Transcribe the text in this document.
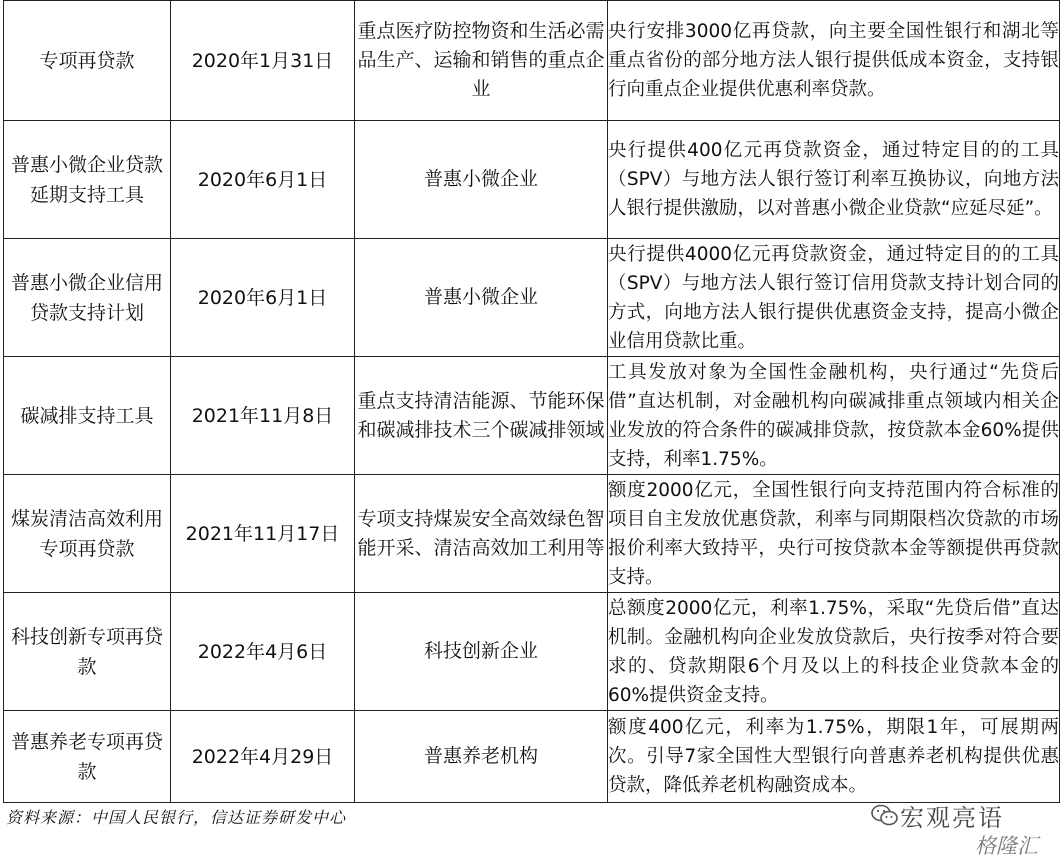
专项再贷款	2020年1月31日	重点医疗防控物资和生活必需品生产、运输和销售的重点企业	央行安排3000亿再贷款，向主要全国性银行和湖北等重点省份的部分地方法人银行提供低成本资金，支持银行向重点企业提供优惠利率贷款。
普惠小微企业贷款延期支持工具	2020年6月1日	普惠小微企业	央行提供400亿元再贷款资金，通过特定目的的工具（SPV）与地方法人银行签订利率互换协议，向地方法人银行提供激励，以对普惠小微企业贷款“应延尽延”。
普惠小微企业信用贷款支持计划	2020年6月1日	普惠小微企业	央行提供4000亿元再贷款资金，通过特定目的的工具（SPV）与地方法人银行签订信用贷款支持计划合同的方式，向地方法人银行提供优惠资金支持，提高小微企业信用贷款比重。
碳减排支持工具	2021年11月8日	重点支持清洁能源、节能环保和碳减排技术三个碳减排领域	工具发放对象为全国性金融机构，央行通过“先贷后借”直达机制，对金融机构向碳减排重点领域内相关企业发放的符合条件的碳减排贷款，按贷款本金60%提供支持，利率1.75%。
煤炭清洁高效利用专项再贷款	2021年11月17日	专项支持煤炭安全高效绿色智能开采、清洁高效加工利用等	额度2000亿元，全国性银行向支持范围内符合标准的项目自主发放优惠贷款，利率与同期限档次贷款的市场报价利率大致持平，央行可按贷款本金等额提供再贷款支持。
科技创新专项再贷款	2022年4月6日	科技创新企业	总额度2000亿元，利率1.75%，采取“先贷后借”直达机制。金融机构向企业发放贷款后，央行按季对符合要求的、贷款期限6个月及以上的科技企业贷款本金的60%提供资金支持。
普惠养老专项再贷款	2022年4月29日	普惠养老机构	额度400亿元，利率为1.75%，期限1年，可展期两次。引导7家全国性大型银行向普惠养老机构提供优惠贷款，降低养老机构融资成本。
资料来源：中国人民银行，信达证券研发中心	宏观亮语
格隆汇
